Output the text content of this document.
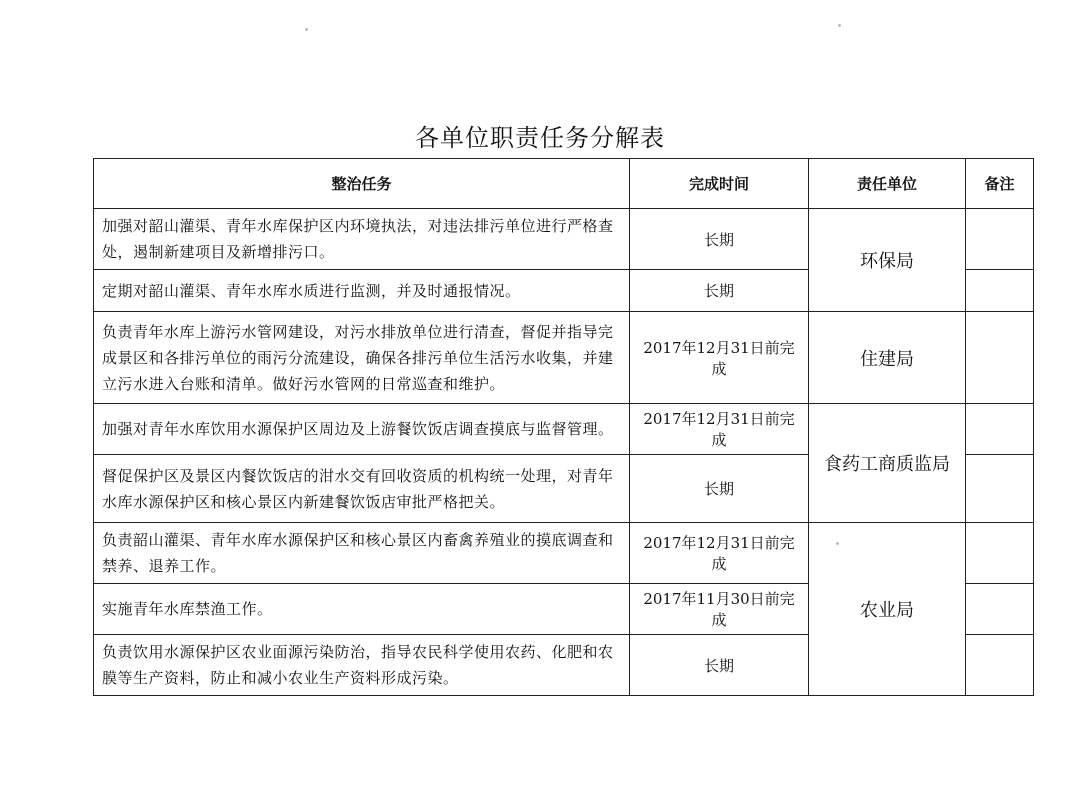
各单位职责任务分解表
整治任务	完成时间	责任单位	备注
加强对韶山灌渠、青年水库保护区内环境执法，对违法排污单位进行严格查处，遏制新建项目及新增排污口。	长期	环保局	
定期对韶山灌渠、青年水库水质进行监测，并及时通报情况。	长期		
负责青年水库上游污水管网建设，对污水排放单位进行清查，督促并指导完成景区和各排污单位的雨污分流建设，确保各排污单位生活污水收集，并建立污水进入台账和清单。做好污水管网的日常巡查和维护。	2017年12月31日前完成	住建局	
加强对青年水库饮用水源保护区周边及上游餐饮饭店调查摸底与监督管理。	2017年12月31日前完成	食药工商质监局	
督促保护区及景区内餐饮饭店的泔水交有回收资质的机构统一处理，对青年水库水源保护区和核心景区内新建餐饮饭店审批严格把关。	长期		
负责韶山灌渠、青年水库水源保护区和核心景区内畜禽养殖业的摸底调查和禁养、退养工作。	2017年12月31日前完成	农业局	
实施青年水库禁渔工作。	2017年11月30日前完成		
负责饮用水源保护区农业面源污染防治，指导农民科学使用农药、化肥和农膜等生产资料，防止和减小农业生产资料形成污染。	长期		
